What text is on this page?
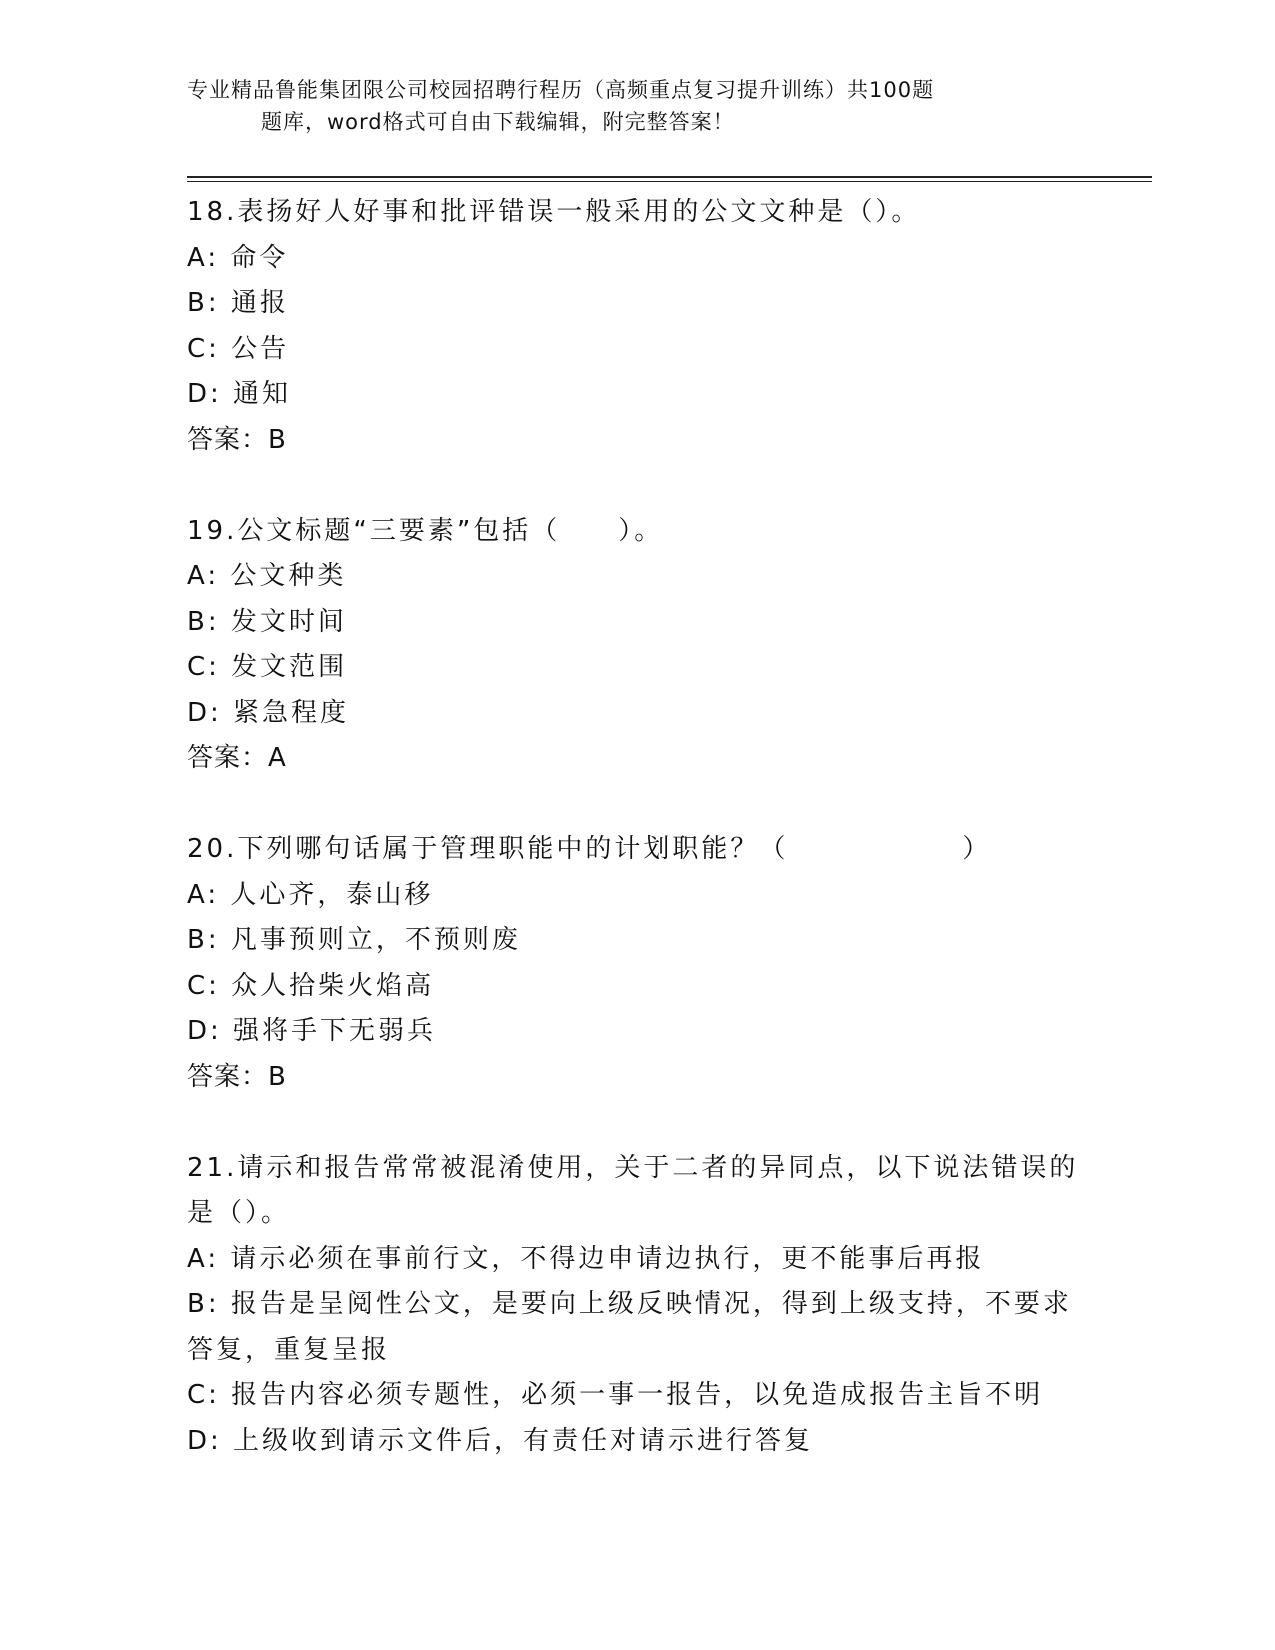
专业精品鲁能集团限公司校园招聘行程历（高频重点复习提升训练）共100题
题库，word格式可自由下载编辑，附完整答案！
18.表扬好人好事和批评错误一般采用的公文文种是（）。
A: 命令
B: 通报
C: 公告
D: 通知
答案：B
19.公文标题“三要素”包括（　　）。
A: 公文种类
B: 发文时间
C: 发文范围
D: 紧急程度
答案：A
20.下列哪句话属于管理职能中的计划职能？（　　　　　　）
A: 人心齐，泰山移
B: 凡事预则立，不预则废
C: 众人拾柴火焰高
D: 强将手下无弱兵
答案：B
21.请示和报告常常被混淆使用，关于二者的异同点，以下说法错误的
是（）。
A: 请示必须在事前行文，不得边申请边执行，更不能事后再报
B: 报告是呈阅性公文，是要向上级反映情况，得到上级支持，不要求
答复，重复呈报
C: 报告内容必须专题性，必须一事一报告，以免造成报告主旨不明
D: 上级收到请示文件后，有责任对请示进行答复
